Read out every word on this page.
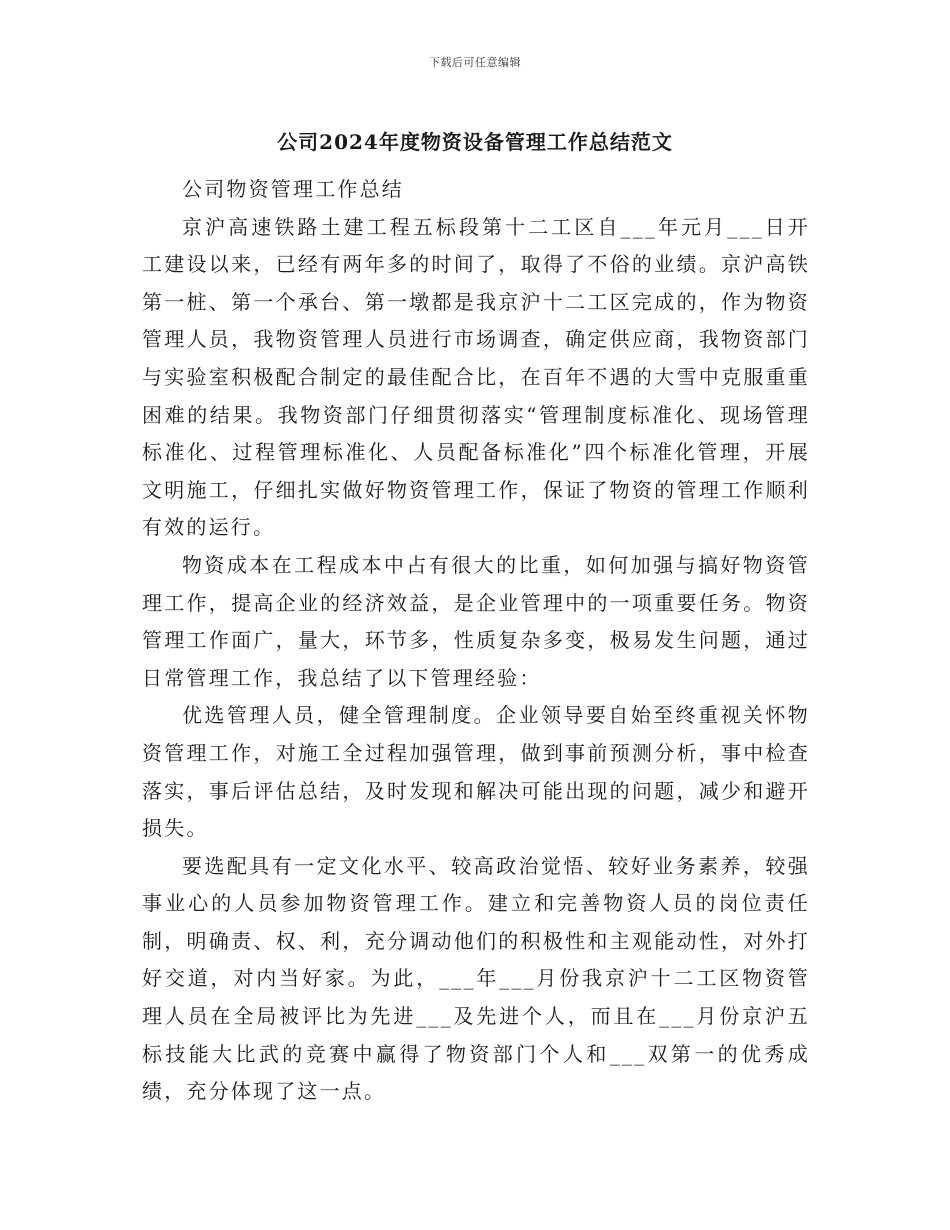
下载后可任意编辑
公司2024年度物资设备管理工作总结范文

公司物资管理工作总结

京沪高速铁路土建工程五标段第十二工区自___年元月___日开工建设以来，已经有两年多的时间了，取得了不俗的业绩。京沪高铁第一桩、第一个承台、第一墩都是我京沪十二工区完成的，作为物资管理人员，我物资管理人员进行市场调查，确定供应商，我物资部门与实验室积极配合制定的最佳配合比，在百年不遇的大雪中克服重重困难的结果。我物资部门仔细贯彻落实“管理制度标准化、现场管理标准化、过程管理标准化、人员配备标准化”四个标准化管理，开展文明施工，仔细扎实做好物资管理工作，保证了物资的管理工作顺利有效的运行。

物资成本在工程成本中占有很大的比重，如何加强与搞好物资管理工作，提高企业的经济效益，是企业管理中的一项重要任务。物资管理工作面广，量大，环节多，性质复杂多变，极易发生问题，通过日常管理工作，我总结了以下管理经验：

优选管理人员，健全管理制度。企业领导要自始至终重视关怀物资管理工作，对施工全过程加强管理，做到事前预测分析，事中检查落实，事后评估总结，及时发现和解决可能出现的问题，减少和避开损失。

要选配具有一定文化水平、较高政治觉悟、较好业务素养，较强事业心的人员参加物资管理工作。建立和完善物资人员的岗位责任制，明确责、权、利，充分调动他们的积极性和主观能动性，对外打好交道，对内当好家。为此，___年___月份我京沪十二工区物资管理人员在全局被评比为先进___及先进个人，而且在___月份京沪五标技能大比武的竞赛中赢得了物资部门个人和___双第一的优秀成绩，充分体现了这一点。
